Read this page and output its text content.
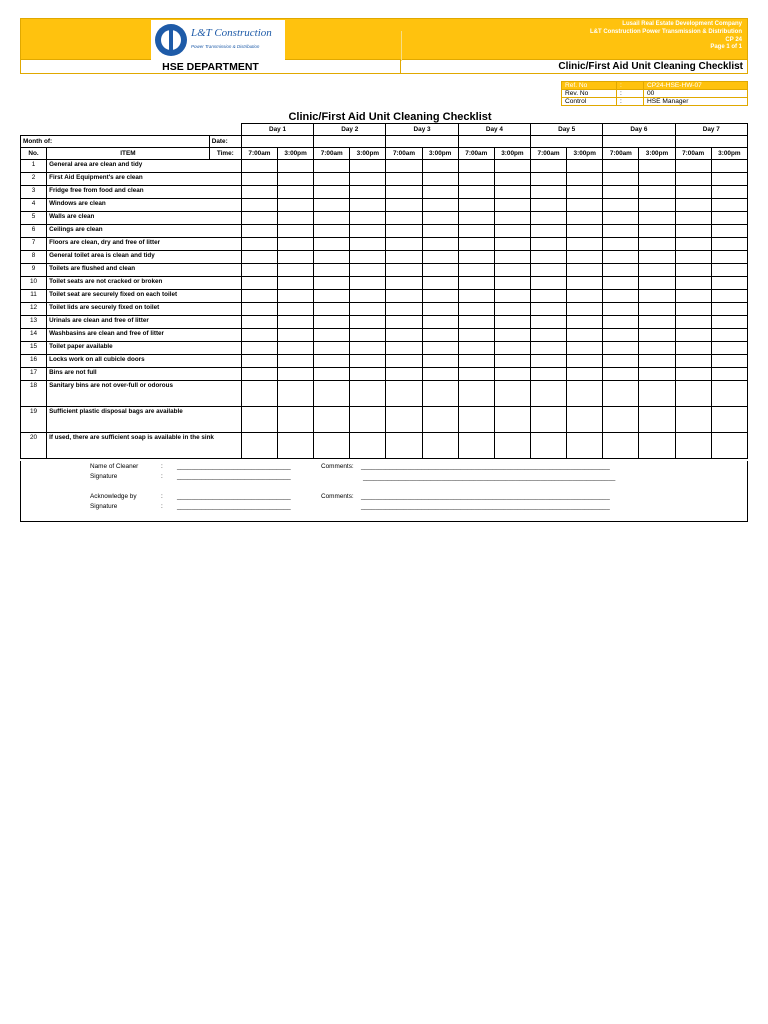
L&T Construction
Power Transmission & Distribution
Lusail Real Estate Development Company
L&T Construction Power Transmission & Distribution
CP 24
Page 1 of 1
HSE DEPARTMENT	Clinic/First Aid Unit Cleaning Checklist
Ref. No	:	CP24-HSE-HW-07
Rev. No	:	00
Control	:	HSE Manager
Clinic/First Aid Unit Cleaning Checklist
			Day 1		Day 2		Day 3		Day 4		Day 5		Day 6		Day 7	
Month of:		Date:														
No.	ITEM	Time:	7:00am	3:00pm	7:00am	3:00pm	7:00am	3:00pm	7:00am	3:00pm	7:00am	3:00pm	7:00am	3:00pm	7:00am	3:00pm
1	General area are clean and tidy															
2	First Aid Equipment's are clean															
3	Fridge free from food and clean															
4	Windows are clean															
5	Walls are clean															
6	Ceilings are clean															
7	Floors are clean, dry and free of litter															
8	General toilet area is clean and tidy															
9	Toilets are flushed and clean															
10	Toilet seats are not cracked or broken															
11	Toilet seat are securely fixed on each toilet															
12	Toilet lids are securely fixed on toilet															
13	Urinals are clean and free of litter															
14	Washbasins are clean and free of litter															
15	Toilet paper available															
16	Locks work on all cubicle doors															
17	Bins are not full															
18	Sanitary bins are not over-full or odorous															
19	Sufficient plastic disposal bags are available															
20	If used, there are sufficient soap is available in the sink															
Name of Cleaner	: ________________________________	Comments: ______________________________________________________________________
Signature	: ________________________________	_______________________________________________________________________
Acknowledge by	: ________________________________	Comments: ______________________________________________________________________
Signature	: ________________________________	______________________________________________________________________
